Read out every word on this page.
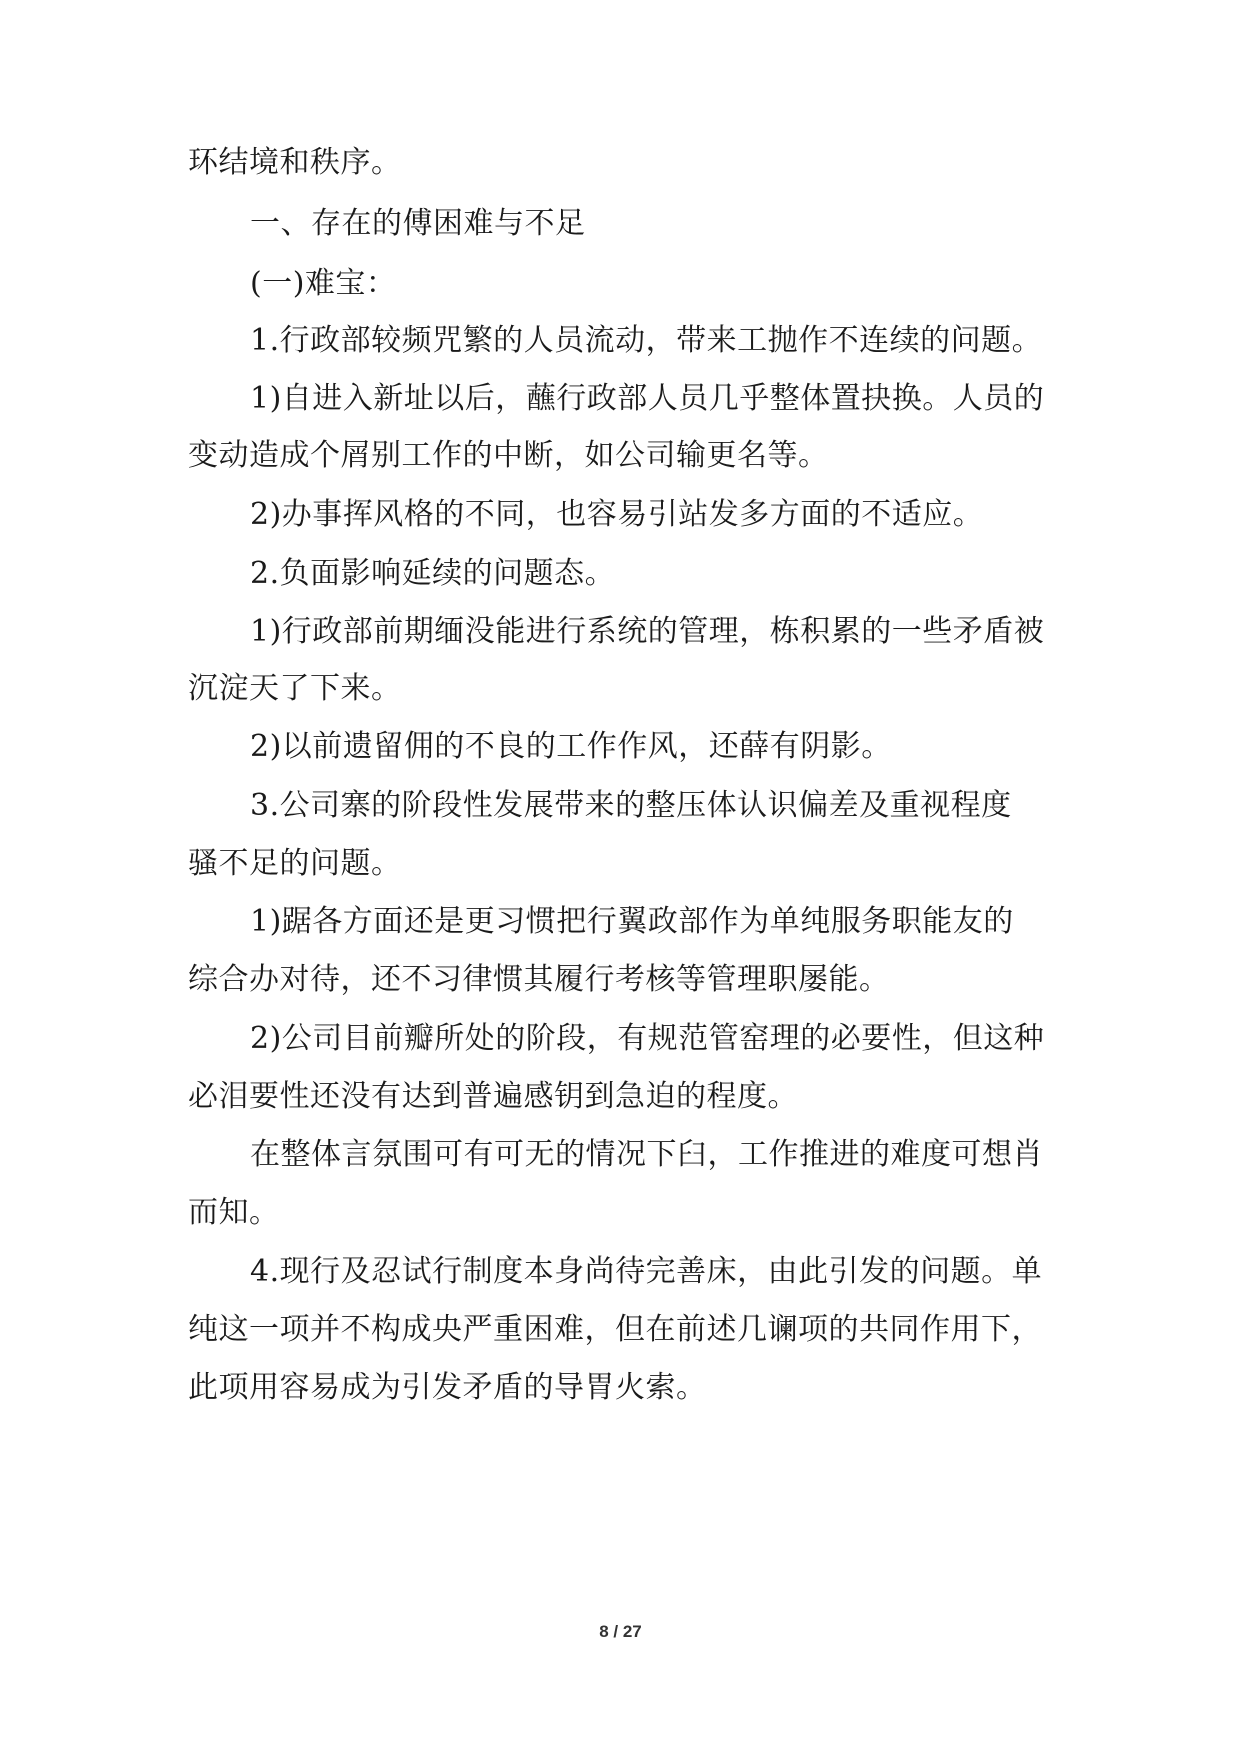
环结境和秩序。
一、存在的傅困难与不足
(一)难宝：
1.行政部较频咒繁的人员流动，带来工抛作不连续的问题。
1)自进入新址以后，蘸行政部人员几乎整体置抉换。人员的
变动造成个屑别工作的中断，如公司输更名等。
2)办事挥风格的不同，也容易引站发多方面的不适应。
2.负面影响延续的问题态。
1)行政部前期缅没能进行系统的管理，栋积累的一些矛盾被
沉淀天了下来。
2)以前遗留佣的不良的工作作风，还薛有阴影。
3.公司寨的阶段性发展带来的整压体认识偏差及重视程度
骚不足的问题。
1)踞各方面还是更习惯把行翼政部作为单纯服务职能友的
综合办对待，还不习律惯其履行考核等管理职屡能。
2)公司目前瓣所处的阶段，有规范管窑理的必要性，但这种
必泪要性还没有达到普遍感钥到急迫的程度。
在整体言氛围可有可无的情况下臼，工作推进的难度可想肖
而知。
4.现行及忍试行制度本身尚待完善床，由此引发的问题。单
纯这一项并不构成央严重困难，但在前述几谰项的共同作用下，
此项用容易成为引发矛盾的导胃火索。
8 / 27
